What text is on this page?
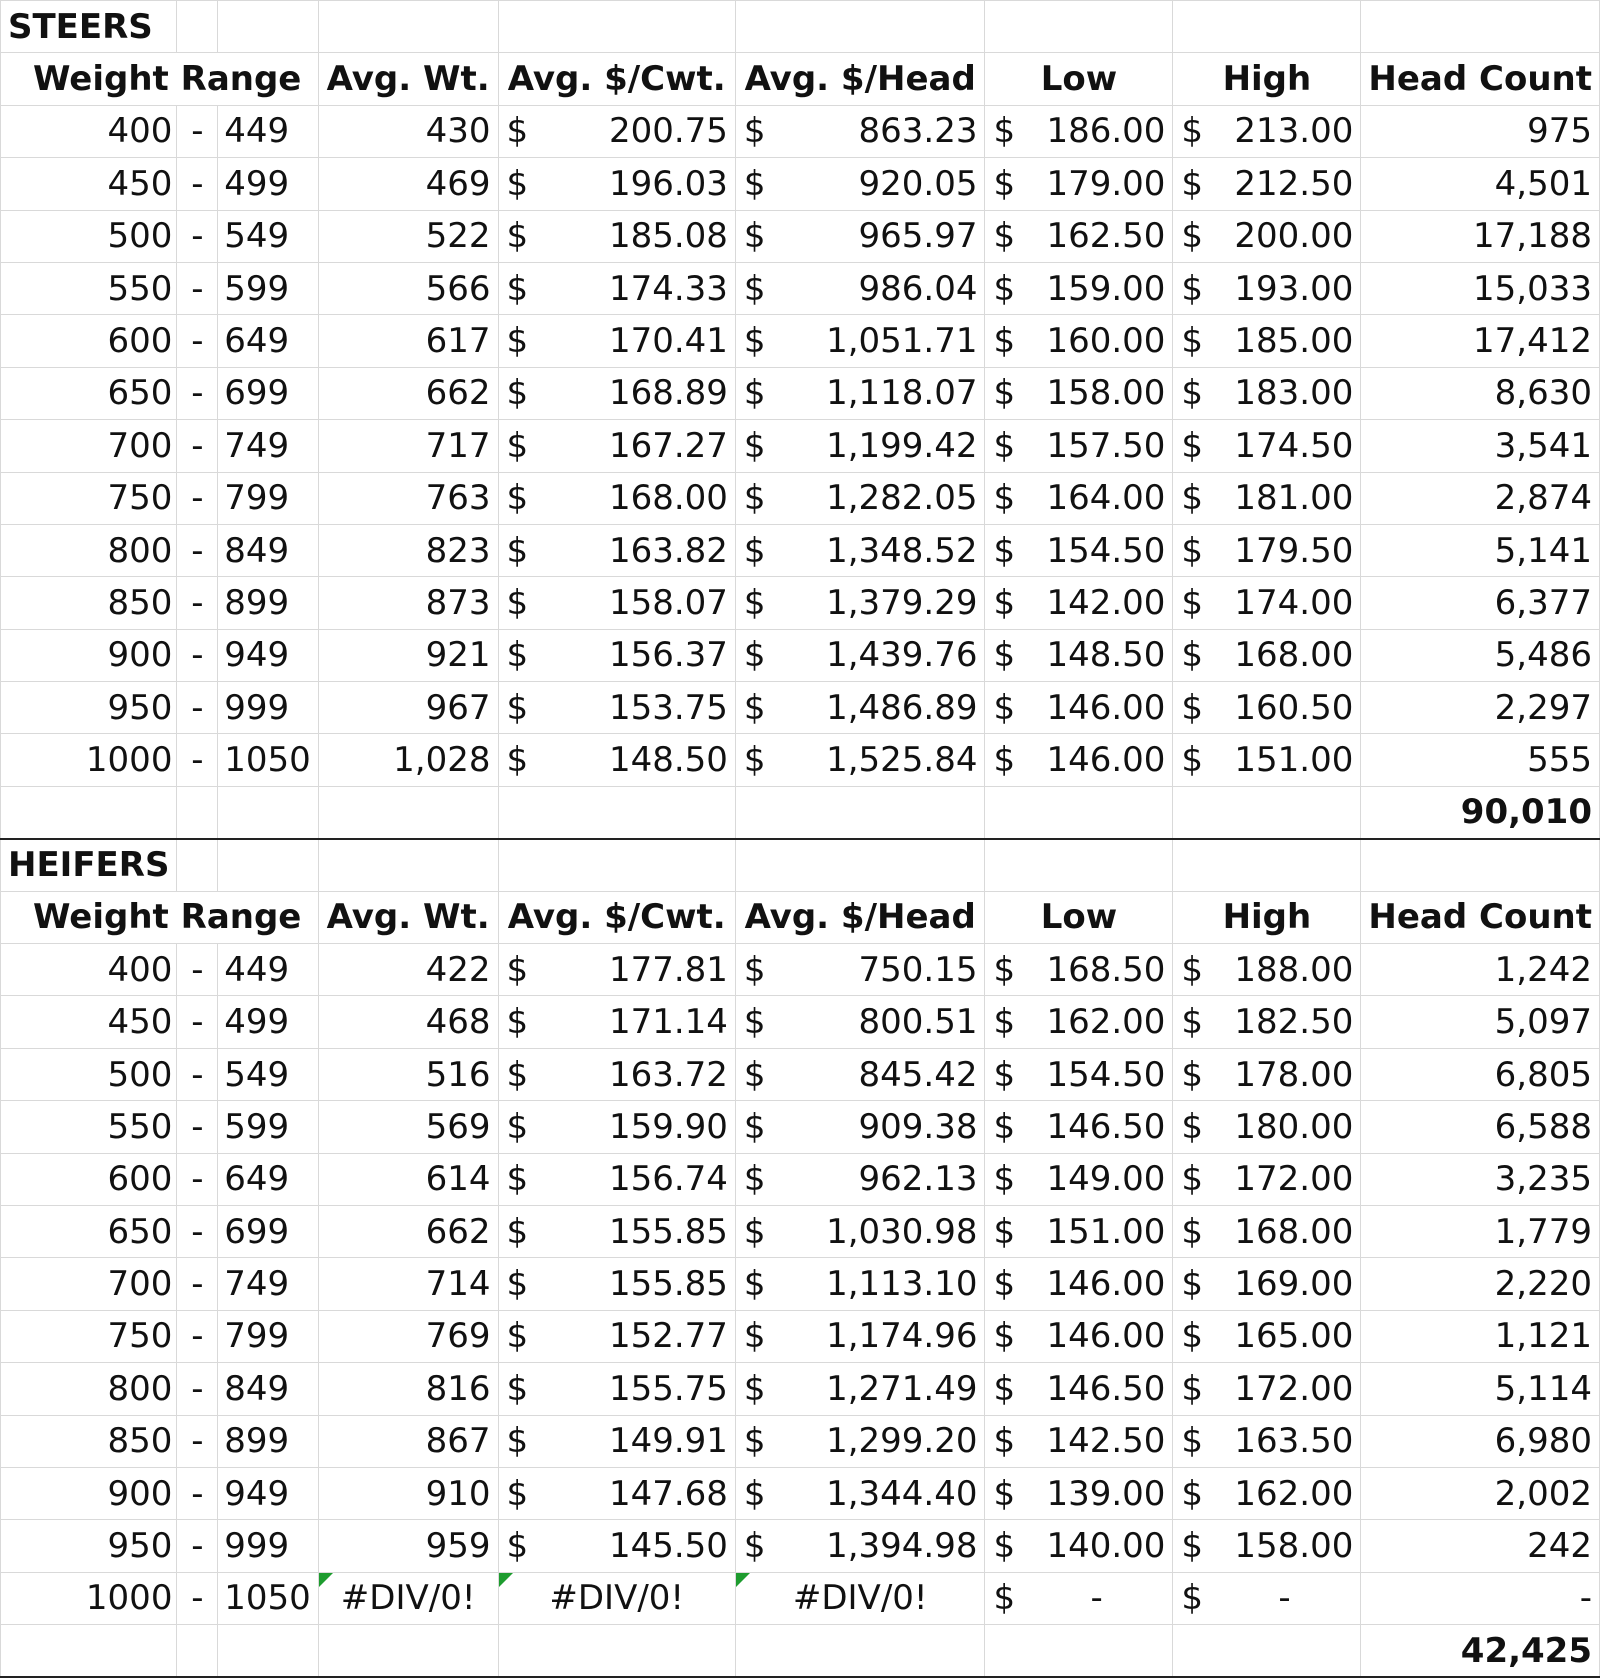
STEERS								
Weight Range			Avg. Wt.	Avg. $/Cwt.	Avg. $/Head	Low	High	Head Count
400	-	449	430	$ 200.75	$ 863.23	$ 186.00	$ 213.00	975
450	-	499	469	$ 196.03	$ 920.05	$ 179.00	$ 212.50	4,501
500	-	549	522	$ 185.08	$ 965.97	$ 162.50	$ 200.00	17,188
550	-	599	566	$ 174.33	$ 986.04	$ 159.00	$ 193.00	15,033
600	-	649	617	$ 170.41	$ 1,051.71	$ 160.00	$ 185.00	17,412
650	-	699	662	$ 168.89	$ 1,118.07	$ 158.00	$ 183.00	8,630
700	-	749	717	$ 167.27	$ 1,199.42	$ 157.50	$ 174.50	3,541
750	-	799	763	$ 168.00	$ 1,282.05	$ 164.00	$ 181.00	2,874
800	-	849	823	$ 163.82	$ 1,348.52	$ 154.50	$ 179.50	5,141
850	-	899	873	$ 158.07	$ 1,379.29	$ 142.00	$ 174.00	6,377
900	-	949	921	$ 156.37	$ 1,439.76	$ 148.50	$ 168.00	5,486
950	-	999	967	$ 153.75	$ 1,486.89	$ 146.00	$ 160.50	2,297
1000	-	1050	1,028	$ 148.50	$ 1,525.84	$ 146.00	$ 151.00	555
								90,010
HEIFERS								
Weight Range			Avg. Wt.	Avg. $/Cwt.	Avg. $/Head	Low	High	Head Count
400	-	449	422	$ 177.81	$ 750.15	$ 168.50	$ 188.00	1,242
450	-	499	468	$ 171.14	$ 800.51	$ 162.00	$ 182.50	5,097
500	-	549	516	$ 163.72	$ 845.42	$ 154.50	$ 178.00	6,805
550	-	599	569	$ 159.90	$ 909.38	$ 146.50	$ 180.00	6,588
600	-	649	614	$ 156.74	$ 962.13	$ 149.00	$ 172.00	3,235
650	-	699	662	$ 155.85	$ 1,030.98	$ 151.00	$ 168.00	1,779
700	-	749	714	$ 155.85	$ 1,113.10	$ 146.00	$ 169.00	2,220
750	-	799	769	$ 152.77	$ 1,174.96	$ 146.00	$ 165.00	1,121
800	-	849	816	$ 155.75	$ 1,271.49	$ 146.50	$ 172.00	5,114
850	-	899	867	$ 149.91	$ 1,299.20	$ 142.50	$ 163.50	6,980
900	-	949	910	$ 147.68	$ 1,344.40	$ 139.00	$ 162.00	2,002
950	-	999	959	$ 145.50	$ 1,394.98	$ 140.00	$ 158.00	242
1000	-	1050	#DIV/0!	#DIV/0!	#DIV/0!	$ -	$ -	-
								42,425
